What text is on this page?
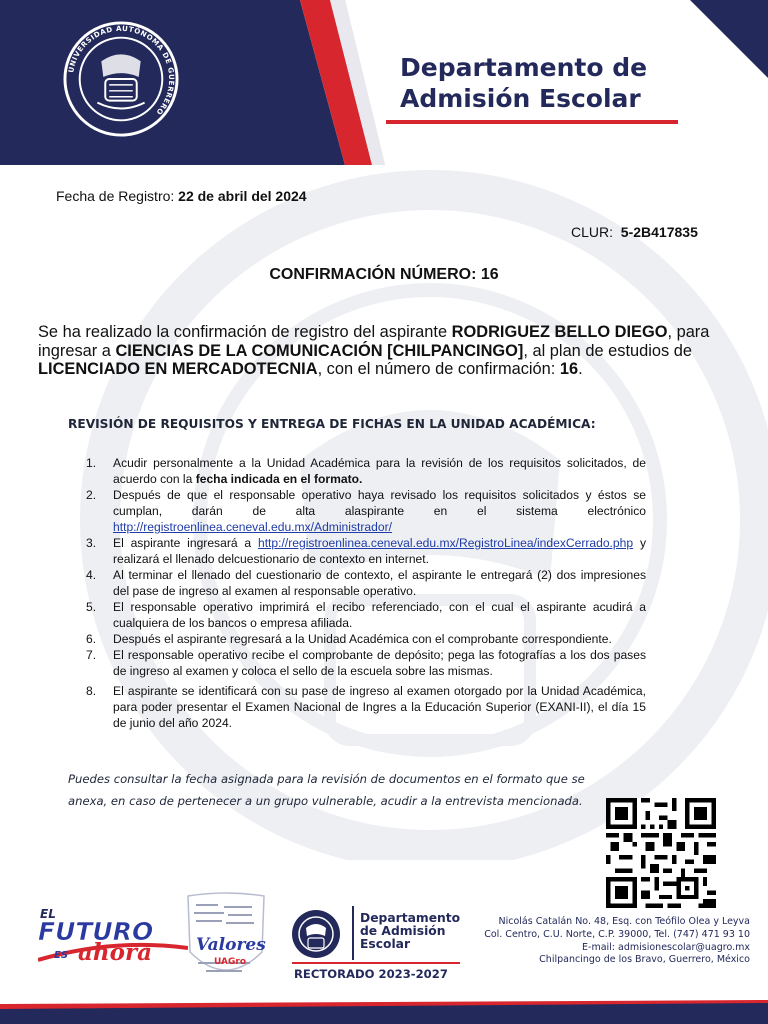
UNIVERSIDAD AUTÓNOMA DE GUERRERO
Departamento de
Admisión Escolar
Fecha de Registro: 22 de abril del 2024
CLUR:  5-2B417835
CONFIRMACIÓN NÚMERO: 16
Se ha realizado la confirmación de registro del aspirante RODRIGUEZ BELLO DIEGO, para ingresar a CIENCIAS DE LA COMUNICACIÓN [CHILPANCINGO], al plan de estudios de LICENCIADO EN MERCADOTECNIA, con el número de confirmación: 16.
REVISIÓN DE REQUISITOS Y ENTREGA DE FICHAS EN LA UNIDAD ACADÉMICA:
1. Acudir personalmente a la Unidad Académica para la revisión de los requisitos solicitados, de acuerdo con la fecha indicada en el formato.
2. Después de que el responsable operativo haya revisado los requisitos solicitados y éstos se cumplan, darán de alta alaspirante en el sistema electrónico http://registroenlinea.ceneval.edu.mx/Administrador/
3. El aspirante ingresará a http://registroenlinea.ceneval.edu.mx/RegistroLinea/indexCerrado.php y realizará el llenado delcuestionario de contexto en internet.
4. Al terminar el llenado del cuestionario de contexto, el aspirante le entregará (2) dos impresiones del pase de ingreso al examen al responsable operativo.
5. El responsable operativo imprimirá el recibo referenciado, con el cual el aspirante acudirá a cualquiera de los bancos o empresa afiliada.
6. Después el aspirante regresará a la Unidad Académica con el comprobante correspondiente.
7. El responsable operativo recibe el comprobante de depósito; pega las fotografías a los dos pases de ingreso al examen y coloca el sello de la escuela sobre las mismas.
8. El aspirante se identificará con su pase de ingreso al examen otorgado por la Unidad Académica, para poder presentar el Examen Nacional de Ingres a la Educación Superior (EXANI-II), el día 15 de junio del año 2024.
Puedes consultar la fecha asignada para la revisión de documentos en el formato que se anexa, en caso de pertenecer a un grupo vulnerable, acudir a la entrevista mencionada.
EL
FUTURO
ES ahora	Valores
UAGro
Departamento
de Admisión
Escolar
RECTORADO 2023-2027
Nicolás Catalán No. 48, Esq. con Teófilo Olea y Leyva
Col. Centro, C.U. Norte, C.P. 39000, Tel. (747) 471 93 10
E-mail: admisionescolar@uagro.mx
Chilpancingo de los Bravo, Guerrero, México
